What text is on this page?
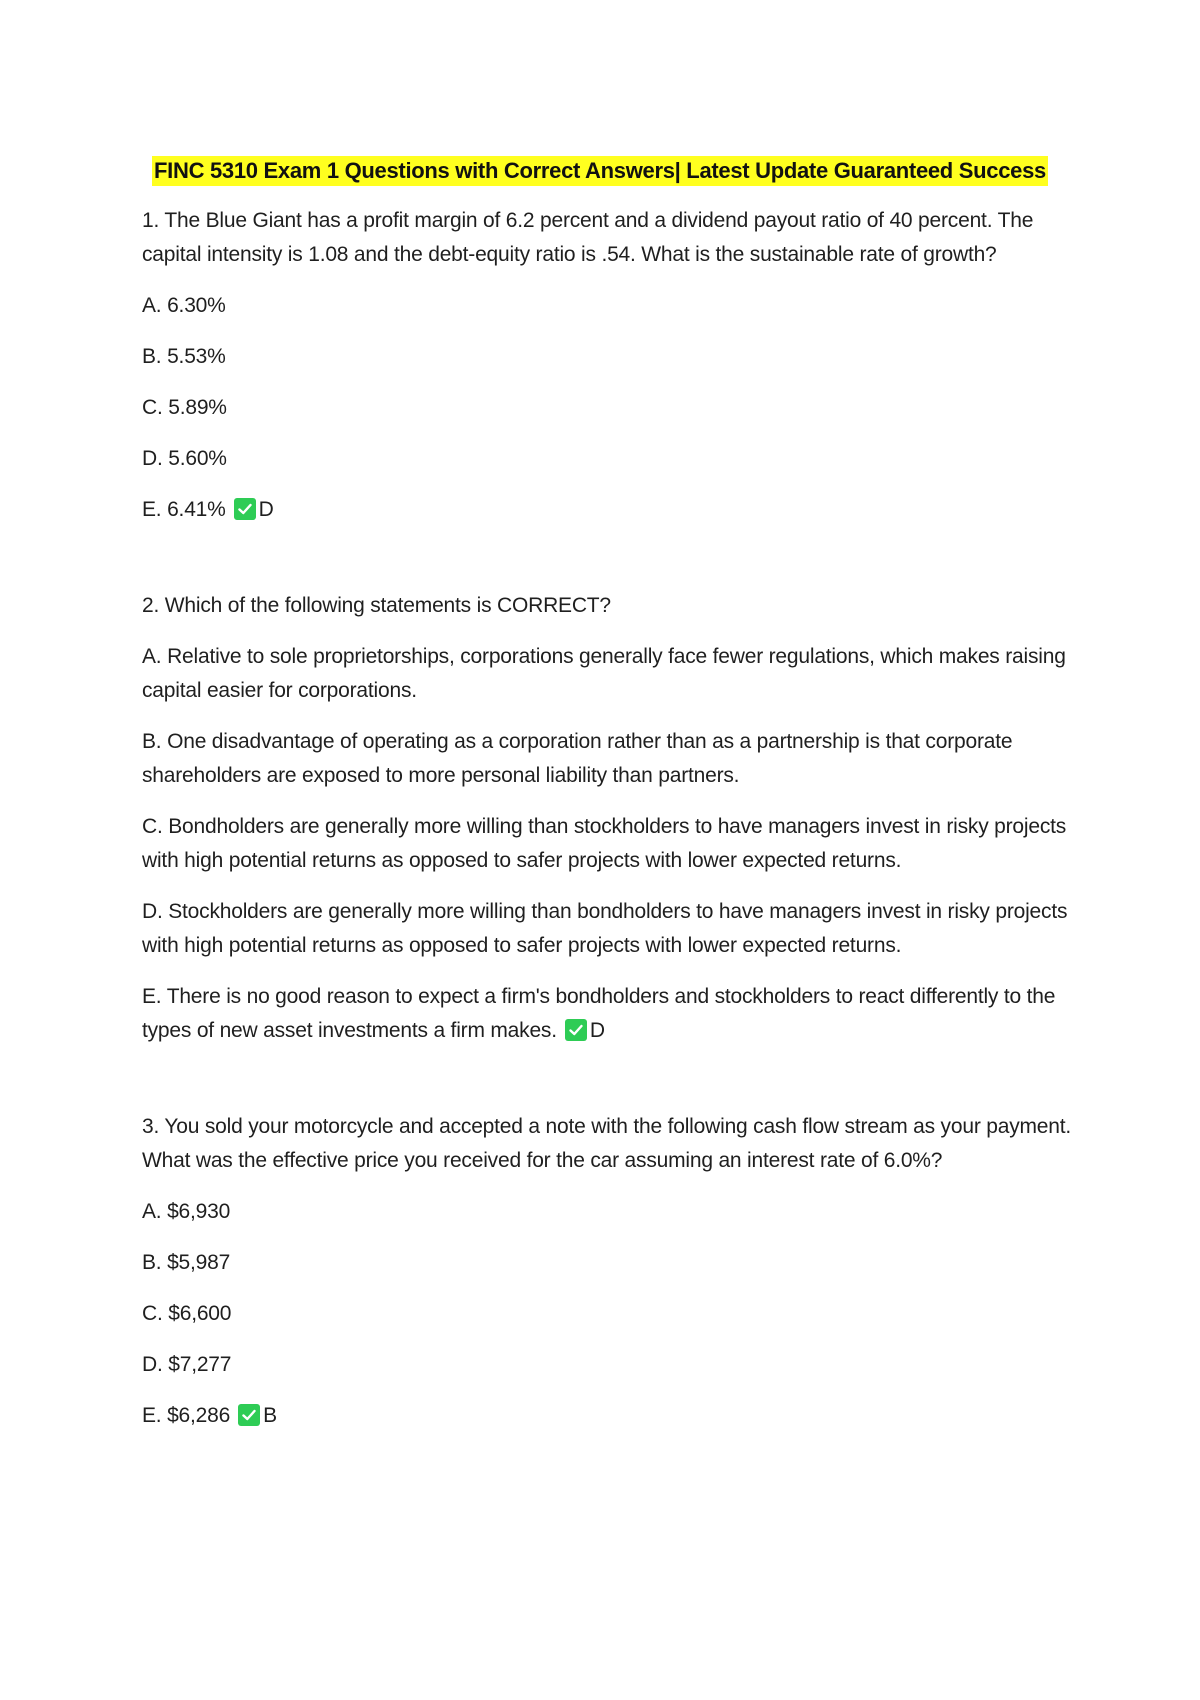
FINC 5310 Exam 1 Questions with Correct Answers| Latest Update Guaranteed Success
1. The Blue Giant has a profit margin of 6.2 percent and a dividend payout ratio of 40 percent. The capital intensity is 1.08 and the debt-equity ratio is .54. What is the sustainable rate of growth?
A. 6.30%
B. 5.53%
C. 5.89%
D. 5.60%
E. 6.41% D
2. Which of the following statements is CORRECT?
A. Relative to sole proprietorships, corporations generally face fewer regulations, which makes raising capital easier for corporations.
B. One disadvantage of operating as a corporation rather than as a partnership is that corporate shareholders are exposed to more personal liability than partners.
C. Bondholders are generally more willing than stockholders to have managers invest in risky projects with high potential returns as opposed to safer projects with lower expected returns.
D. Stockholders are generally more willing than bondholders to have managers invest in risky projects with high potential returns as opposed to safer projects with lower expected returns.
E. There is no good reason to expect a firm's bondholders and stockholders to react differently to the types of new asset investments a firm makes. D
3. You sold your motorcycle and accepted a note with the following cash flow stream as your payment. What was the effective price you received for the car assuming an interest rate of 6.0%?
A. $6,930
B. $5,987
C. $6,600
D. $7,277
E. $6,286 B
